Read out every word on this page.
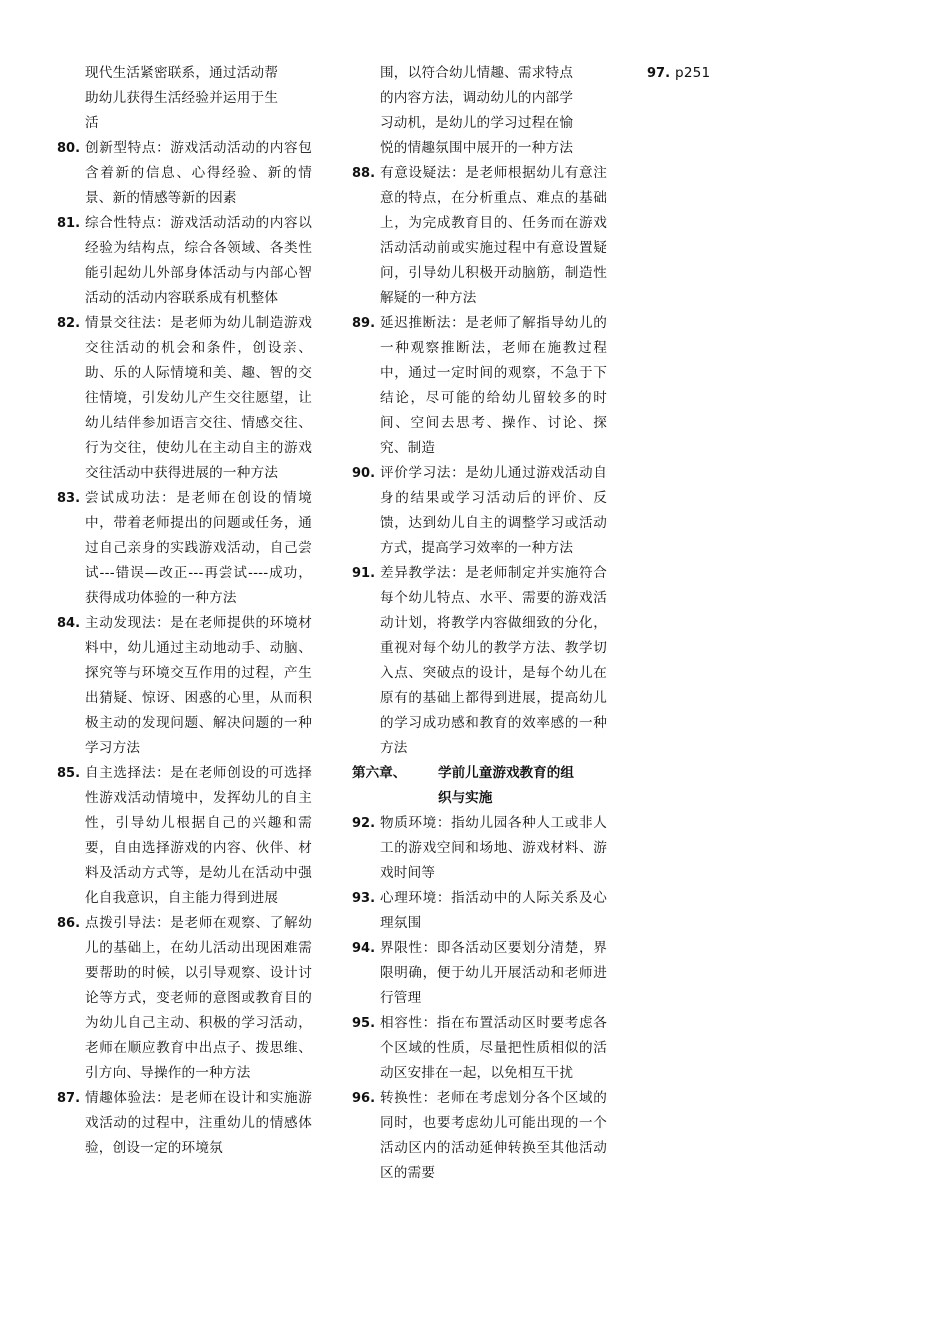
现代生活紧密联系，通过活动帮
助幼儿获得生活经验并运用于生
活
80. 创新型特点：游戏活动活动的内容包含着新的信息、心得经验、新的情景、新的情感等新的因素
81. 综合性特点：游戏活动活动的内容以经验为结构点，综合各领域、各类性能引起幼儿外部身体活动与内部心智活动的活动内容联系成有机整体
82. 情景交往法：是老师为幼儿制造游戏交往活动的机会和条件，创设亲、助、乐的人际情境和美、趣、智的交往情境，引发幼儿产生交往愿望，让幼儿结伴参加语言交往、情感交往、行为交往，使幼儿在主动自主的游戏交往活动中获得进展的一种方法
83. 尝试成功法：是老师在创设的情境中，带着老师提出的问题或任务，通过自己亲身的实践游戏活动，自己尝试---错误—改正---再尝试----成功，获得成功体验的一种方法
84. 主动发现法：是在老师提供的环境材料中，幼儿通过主动地动手、动脑、探究等与环境交互作用的过程，产生出猜疑、惊讶、困惑的心里，从而积极主动的发现问题、解决问题的一种学习方法
85. 自主选择法：是在老师创设的可选择性游戏活动情境中，发挥幼儿的自主性，引导幼儿根据自己的兴趣和需要，自由选择游戏的内容、伙伴、材料及活动方式等，是幼儿在活动中强化自我意识，自主能力得到进展
86. 点拨引导法：是老师在观察、了解幼儿的基础上，在幼儿活动出现困难需要帮助的时候，以引导观察、设计讨论等方式，变老师的意图或教育目的为幼儿自己主动、积极的学习活动，老师在顺应教育中出点子、拨思维、引方向、导操作的一种方法
87. 情趣体验法：是老师在设计和实施游戏活动的过程中，注重幼儿的情感体验，创设一定的环境氛
围，以符合幼儿情趣、需求特点
的内容方法，调动幼儿的内部学
习动机，是幼儿的学习过程在愉
悦的情趣氛围中展开的一种方法
88. 有意设疑法：是老师根据幼儿有意注意的特点，在分析重点、难点的基础上，为完成教育目的、任务而在游戏活动活动前或实施过程中有意设置疑问，引导幼儿积极开动脑筋，制造性解疑的一种方法
89. 延迟推断法：是老师了解指导幼儿的一种观察推断法，老师在施教过程中，通过一定时间的观察，不急于下结论，尽可能的给幼儿留较多的时间、空间去思考、操作、讨论、探究、制造
90. 评价学习法：是幼儿通过游戏活动自身的结果或学习活动后的评价、反馈，达到幼儿自主的调整学习或活动方式，提高学习效率的一种方法
91. 差异教学法：是老师制定并实施符合每个幼儿特点、水平、需要的游戏活动计划，将教学内容做细致的分化，重视对每个幼儿的教学方法、教学切入点、突破点的设计，是每个幼儿在原有的基础上都得到进展，提高幼儿的学习成功感和教育的效率感的一种方法
第六章、	学前儿童游戏教育的组
织与实施
92. 物质环境：指幼儿园各种人工或非人工的游戏空间和场地、游戏材料、游戏时间等
93. 心理环境：指活动中的人际关系及心理氛围
94. 界限性：即各活动区要划分清楚，界限明确，便于幼儿开展活动和老师进行管理
95. 相容性：指在布置活动区时要考虑各个区域的性质，尽量把性质相似的活动区安排在一起，以免相互干扰
96. 转换性：老师在考虑划分各个区域的同时，也要考虑幼儿可能出现的一个活动区内的活动延伸转换至其他活动区的需要
97. p251
